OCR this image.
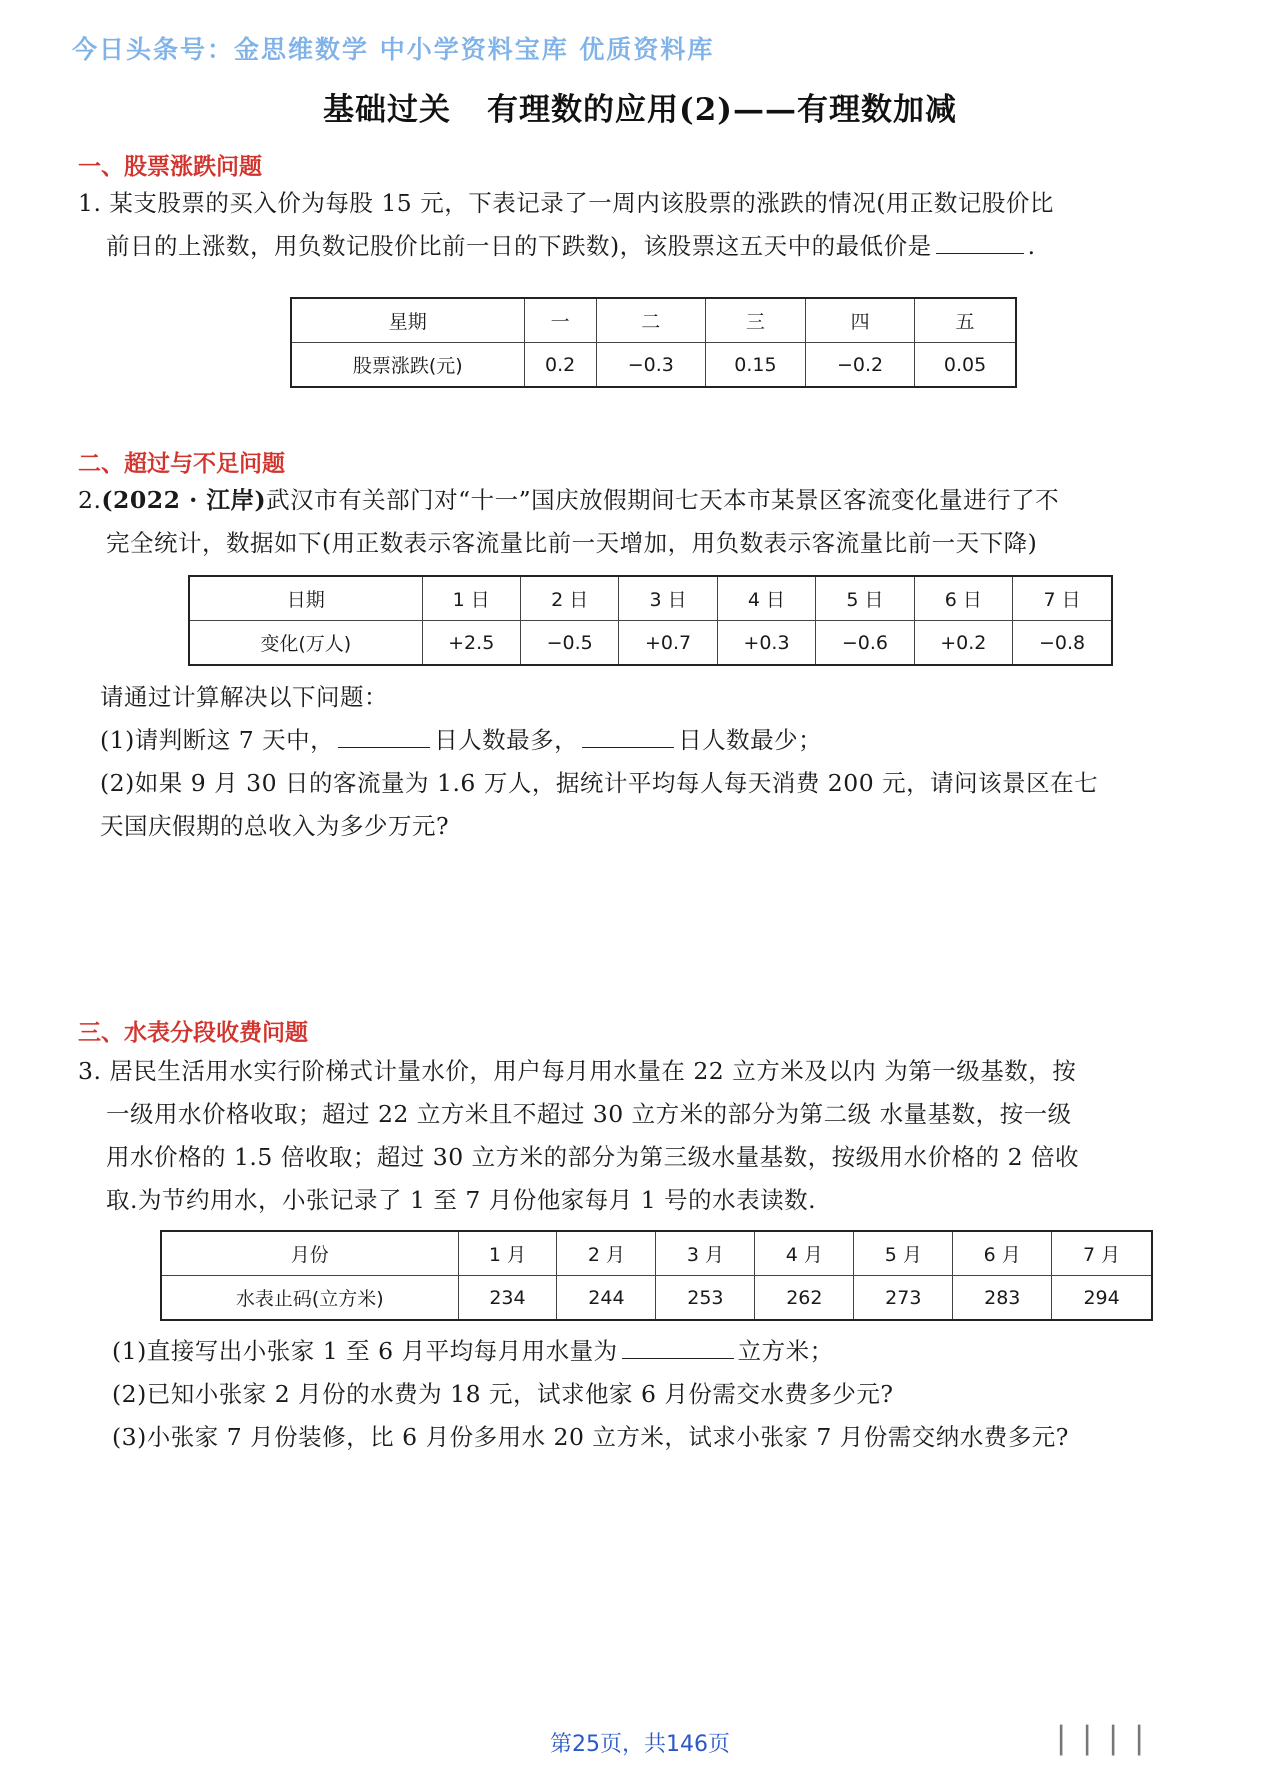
今日头条号：金思维数学 中小学资料宝库 优质资料库
基础过关 有理数的应用(2)——有理数加减
一、股票涨跌问题
1. 某支股票的买入价为每股 15 元，下表记录了一周内该股票的涨跌的情况(用正数记股价比
前日的上涨数，用负数记股价比前一日的下跌数)，该股票这五天中的最低价是	.
星期	一	二	三	四	五
股票涨跌(元)	0.2	−0.3	0.15	−0.2	0.05
二、超过与不足问题
2.(2022 · 江岸)武汉市有关部门对“十一”国庆放假期间七天本市某景区客流变化量进行了不
完全统计，数据如下(用正数表示客流量比前一天增加，用负数表示客流量比前一天下降)
日期	1 日	2 日	3 日	4 日	5 日	6 日	7 日
变化(万人)	+2.5	−0.5	+0.7	+0.3	−0.6	+0.2	−0.8
请通过计算解决以下问题：
(1)请判断这 7 天中，	日人数最多，	日人数最少；
(2)如果 9 月 30 日的客流量为 1.6 万人，据统计平均每人每天消费 200 元，请问该景区在七
天国庆假期的总收入为多少万元?
三、水表分段收费问题
3. 居民生活用水实行阶梯式计量水价，用户每月用水量在 22 立方米及以内 为第一级基数，按
一级用水价格收取；超过 22 立方米且不超过 30 立方米的部分为第二级 水量基数，按一级
用水价格的 1.5 倍收取；超过 30 立方米的部分为第三级水量基数，按级用水价格的 2 倍收
取.为节约用水，小张记录了 1 至 7 月份他家每月 1 号的水表读数.
月份	1 月	2 月	3 月	4 月	5 月	6 月	7 月
水表止码(立方米)	234	244	253	262	273	283	294
(1)直接写出小张家 1 至 6 月平均每月用水量为	立方米；
(2)已知小张家 2 月份的水费为 18 元，试求他家 6 月份需交水费多少元?
(3)小张家 7 月份装修，比 6 月份多用水 20 立方米，试求小张家 7 月份需交纳水费多元?
第25页，共146页	▏▏▏▏
